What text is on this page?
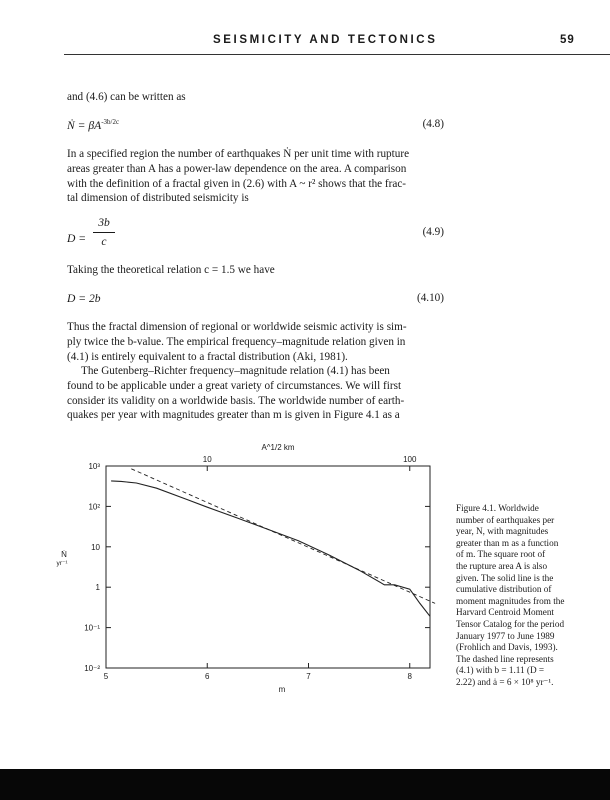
SEISMICITY AND TECTONICS	59
and (4.6) can be written as
Ṅ = $\beta A^{-3b/2c}$	(4.8)
In a specified region the number of earthquakes Ṅ per unit time with rupture
areas greater than A has a power-law dependence on the area. A comparison
with the definition of a fractal given in (2.6) with A ~ r² shows that the frac-
tal dimension of distributed seismicity is
D =
3b
c
(4.9)
Taking the theoretical relation c = 1.5 we have
D = 2b	(4.10)
Thus the fractal dimension of regional or worldwide seismic activity is sim-
ply twice the b-value. The empirical frequency–magnitude relation given in
(4.1) is entirely equivalent to a fractal distribution (Aki, 1981).
The Gutenberg–Richter frequency–magnitude relation (4.1) has been
found to be applicable under a great variety of circumstances. We will first
consider its validity on a worldwide basis. The worldwide number of earth-
quakes per year with magnitudes greater than m is given in Figure 4.1 as a
10⁻²
10⁻¹
1
10
10²
10³
5	6	7	8
10	100
A^1/2 km
m
Ṅ
yr⁻¹
Figure 4.1. Worldwide
number of earthquakes per
year, N, with magnitudes
greater than m as a function
of m. The square root of
the rupture area A is also
given. The solid line is the
cumulative distribution of
moment magnitudes from the
Harvard Centroid Moment
Tensor Catalog for the period
January 1977 to June 1989
(Frohlich and Davis, 1993).
The dashed line represents
(4.1) with b = 1.11 (D =
2.22) and ȧ = 6 × 10⁸ yr⁻¹.
